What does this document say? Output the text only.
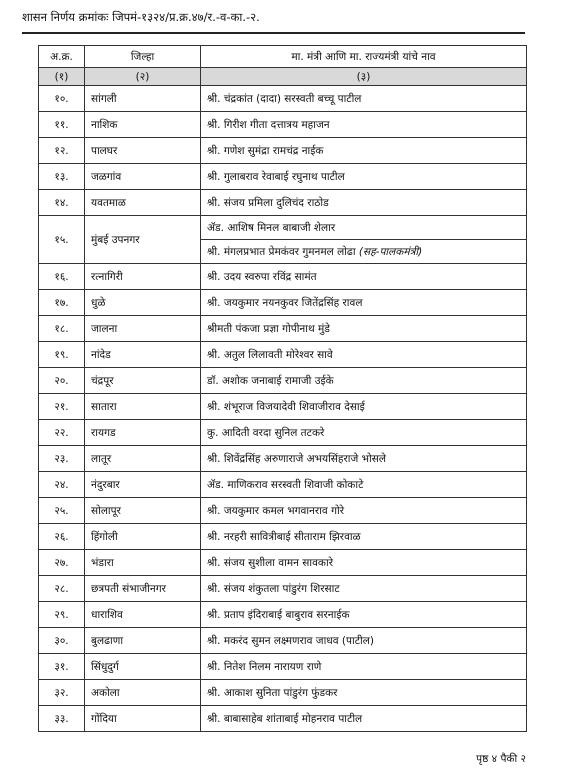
शासन निर्णय क्रमांकः जिपमं-१३२४/प्र.क्र.४७/र.-व-का.-२.
अ.क्र.	जिल्हा	मा. मंत्री आणि मा. राज्यमंत्री यांचे नाव
(१)	(२)	(३)
१०.	सांगली	श्री. चंद्रकांत (दादा) सरस्वती बच्चू पाटील
११.	नाशिक	श्री. गिरीश गीता दत्तात्रय महाजन
१२.	पालघर	श्री. गणेश सुमंद्रा रामचंद्र नाईक
१३.	जळगांव	श्री. गुलाबराव रेवाबाई रघुनाथ पाटील
१४.	यवतमाळ	श्री. संजय प्रमिला दुलिचंद राठोड
१५.	मुंबई उपनगर	ॲड. आशिष मिनल बाबाजी शेलार
		श्री. मंगलप्रभात प्रेमकंवर गुमनमल लोढा (सह-पालकमंत्री)
१६.	रत्नागिरी	श्री. उदय स्वरुपा रविंद्र सामंत
१७.	धुळे	श्री. जयकुमार नयनकुवर जितेंद्रसिंह रावल
१८.	जालना	श्रीमती पंकजा प्रज्ञा गोपीनाथ मुंडे
१९.	नांदेड	श्री. अतुल लिलावती मोरेश्वर सावे
२०.	चंद्रपूर	डॉ. अशोक जनाबाई रामाजी उईके
२१.	सातारा	श्री. शंभूराज विजयादेवी शिवाजीराव देसाई
२२.	रायगड	कु. आदिती वरदा सुनिल तटकरे
२३.	लातूर	श्री. शिवेंद्रसिंह अरुणाराजे अभयसिंहराजे भोसले
२४.	नंदुरबार	ॲड. माणिकराव सरस्वती शिवाजी कोकाटे
२५.	सोलापूर	श्री. जयकुमार कमल भगवानराव गोरे
२६.	हिंगोली	श्री. नरहरी सावित्रीबाई सीताराम झिरवाळ
२७.	भंडारा	श्री. संजय सुशीला वामन सावकारे
२८.	छत्रपती संभाजीनगर	श्री. संजय शंकुतला पांडुरंग शिरसाट
२९.	धाराशिव	श्री. प्रताप इंदिराबाई बाबुराव सरनाईक
३०.	बुलढाणा	श्री. मकरंद सुमन लक्ष्मणराव जाधव (पाटील)
३१.	सिंधुदुर्ग	श्री. नितेश निलम नारायण राणे
३२.	अकोला	श्री. आकाश सुनिता पांडुरंग फुंडकर
३३.	गोंदिया	श्री. बाबासाहेब शांताबाई मोहनराव पाटील
पृष्ठ ४ पैकी २
